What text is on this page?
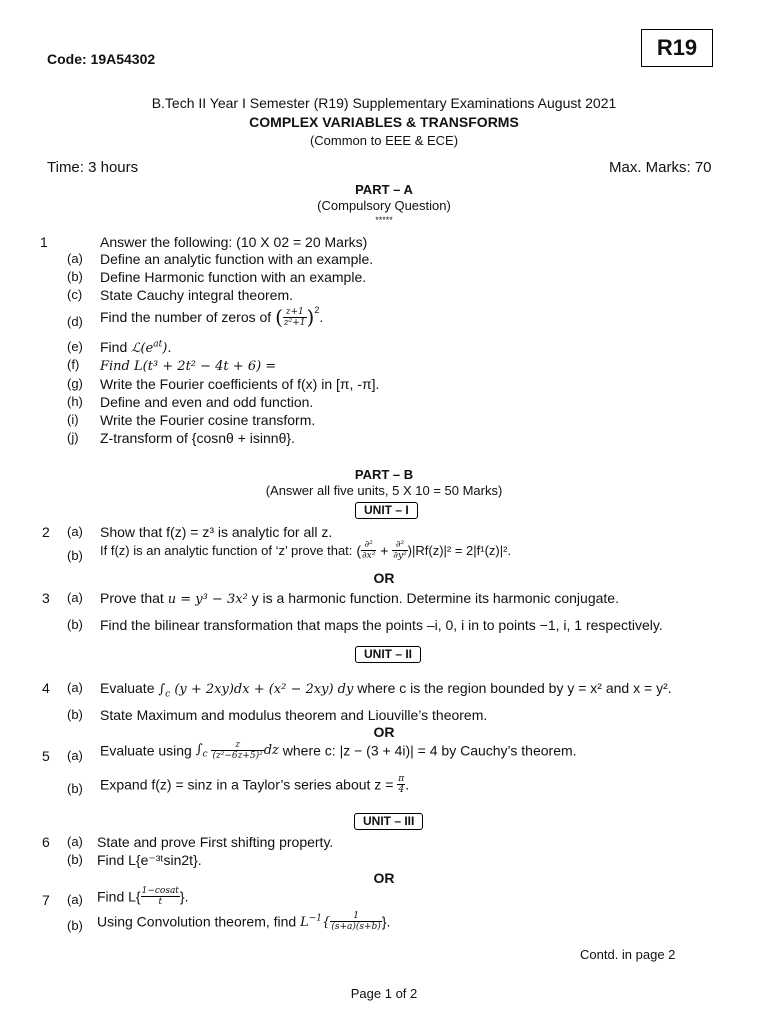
Code: 19A54302	R19
B.Tech II Year I Semester (R19) Supplementary Examinations August 2021
COMPLEX VARIABLES & TRANSFORMS
(Common to EEE & ECE)
Time: 3 hours	Max. Marks: 70
PART – A
(Compulsory Question)
*****
1	Answer the following: (10 X 02 = 20 Marks)
(a) Define an analytic function with an example.
(b) Define Harmonic function with an example.
(c) State Cauchy integral theorem.
(d) Find the number of zeros of ( $\frac{z+1}{\text{z²+1}} )^2$.
(e) Find $ℒ(e^{at})$.
(f) Find L(t³ + 2t² − 4t + 6) =
(g) Write the Fourier coefficients of f(x) in [π, -π].
(h) Define and even and odd function.
(i) Write the Fourier cosine transform.
(j) Z-transform of {cosnθ + isinnθ}.
PART – B
(Answer all five units, 5 X 10 = 50 Marks)
UNIT – I
2 (a) Show that f(z) = z³ is analytic for all z.
(b) If f(z) is an analytic function of ‘z’ prove that: ( $\frac{\text{∂²}}{\text{∂x²}} + \frac{\text{∂²}}{\text{∂y²}} )|Rf(z)|^2 = 2|f^1(z)|^2$.
OR
3 (a) Prove that u = y³ − 3x² y is a harmonic function. Determine its harmonic conjugate.
(b) Find the bilinear transformation that maps the points –i, 0, i in to points −1, i, 1 respectively.
UNIT – II
4 (a) Evaluate $\int_c$ (y + 2xy)dx + (x² − 2xy) dy where c is the region bounded by y = x² and x = y².
(b) State Maximum and modulus theorem and Liouville’s theorem.
OR
5 (a) Evaluate using $\int_c \frac{z}{\text{(z²−6z+5)²}}$ dz where c: |z − (3 + 4i)| = 4 by Cauchy’s theorem.
(b) Expand f(z) = sinz in a Taylor’s series about $z = \frac{\pi}{4}$ .
UNIT – III
6 (a) State and prove First shifting property.
(b) Find L{e⁻³ᵗsin2t}.
OR
7 (a) Find $L\{ \frac{\text{1−cosat}}{t}$ }.
(b) Using Convolution theorem, find $L^{-1}\{ \frac{1}{(s+a)(s+b)}$ }.
Contd. in page 2
Page 1 of 2
